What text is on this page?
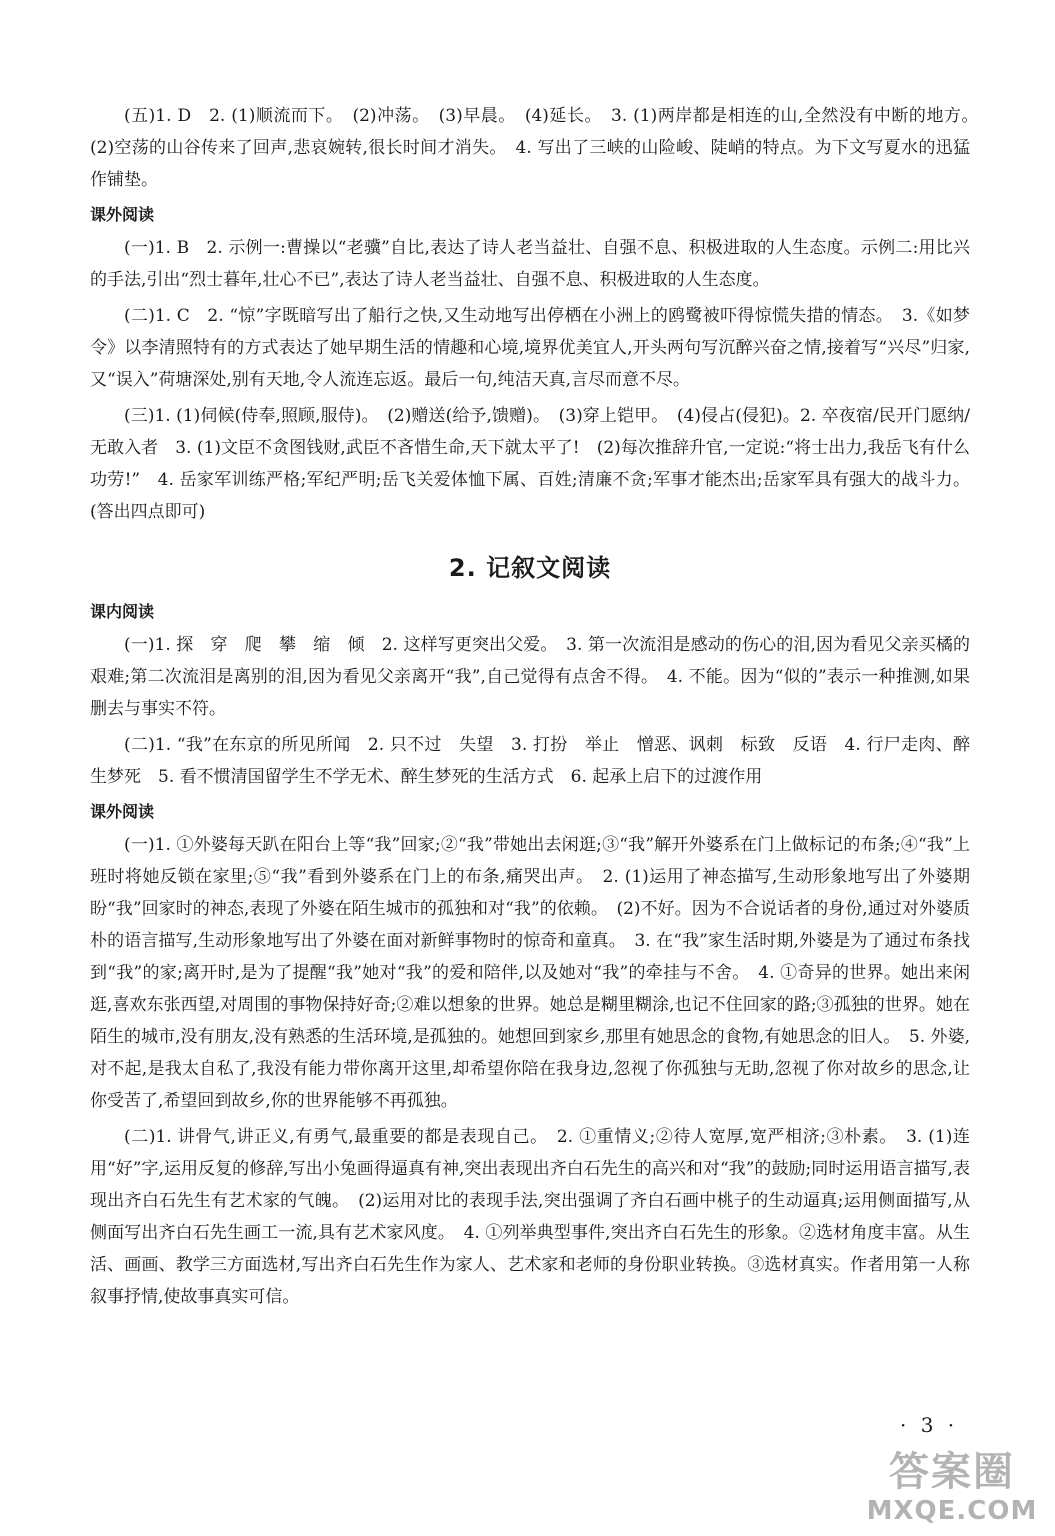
(五)1. D　2. (1)顺流而下。　(2)冲荡。　(3)早晨。　(4)延长。　3. (1)两岸都是相连的山,全然没有中断的地方。　(2)空荡的山谷传来了回声,悲哀婉转,很长时间才消失。　4. 写出了三峡的山险峻、陡峭的特点。为下文写夏水的迅猛作铺垫。

课外阅读

(一)1. B　2. 示例一:曹操以“老骥”自比,表达了诗人老当益壮、自强不息、积极进取的人生态度。示例二:用比兴的手法,引出“烈士暮年,壮心不已”,表达了诗人老当益壮、自强不息、积极进取的人生态度。

(二)1. C　2. “惊”字既暗写出了船行之快,又生动地写出停栖在小洲上的鸥鹭被吓得惊慌失措的情态。　3.《如梦令》以李清照特有的方式表达了她早期生活的情趣和心境,境界优美宜人,开头两句写沉醉兴奋之情,接着写“兴尽”归家,又“误入”荷塘深处,别有天地,令人流连忘返。最后一句,纯洁天真,言尽而意不尽。

(三)1. (1)伺候(侍奉,照顾,服侍)。　(2)赠送(给予,馈赠)。　(3)穿上铠甲。　(4)侵占(侵犯)。2. 卒夜宿/民开门愿纳/无敢入者　3. (1)文臣不贪图钱财,武臣不吝惜生命,天下就太平了!　(2)每次推辞升官,一定说:“将士出力,我岳飞有什么功劳!”　4. 岳家军训练严格;军纪严明;岳飞关爱体恤下属、百姓;清廉不贪;军事才能杰出;岳家军具有强大的战斗力。(答出四点即可)

2. 记叙文阅读
课内阅读

(一)1. 探　穿　爬　攀　缩　倾　2. 这样写更突出父爱。　3. 第一次流泪是感动的伤心的泪,因为看见父亲买橘的艰难;第二次流泪是离别的泪,因为看见父亲离开“我”,自己觉得有点舍不得。　4. 不能。因为“似的”表示一种推测,如果删去与事实不符。

(二)1. “我”在东京的所见所闻　2. 只不过　失望　3. 打扮　举止　憎恶、讽刺　标致　反语　4. 行尸走肉、醉生梦死　5. 看不惯清国留学生不学无术、醉生梦死的生活方式　6. 起承上启下的过渡作用

课外阅读

(一)1. ①外婆每天趴在阳台上等“我”回家;②“我”带她出去闲逛;③“我”解开外婆系在门上做标记的布条;④“我”上班时将她反锁在家里;⑤“我”看到外婆系在门上的布条,痛哭出声。　2. (1)运用了神态描写,生动形象地写出了外婆期盼“我”回家时的神态,表现了外婆在陌生城市的孤独和对“我”的依赖。　(2)不好。因为不合说话者的身份,通过对外婆质朴的语言描写,生动形象地写出了外婆在面对新鲜事物时的惊奇和童真。　3. 在“我”家生活时期,外婆是为了通过布条找到“我”的家;离开时,是为了提醒“我”她对“我”的爱和陪伴,以及她对“我”的牵挂与不舍。　4. ①奇异的世界。她出来闲逛,喜欢东张西望,对周围的事物保持好奇;②难以想象的世界。她总是糊里糊涂,也记不住回家的路;③孤独的世界。她在陌生的城市,没有朋友,没有熟悉的生活环境,是孤独的。她想回到家乡,那里有她思念的食物,有她思念的旧人。　5. 外婆,对不起,是我太自私了,我没有能力带你离开这里,却希望你陪在我身边,忽视了你孤独与无助,忽视了你对故乡的思念,让你受苦了,希望回到故乡,你的世界能够不再孤独。

(二)1. 讲骨气,讲正义,有勇气,最重要的都是表现自己。　2. ①重情义;②待人宽厚,宽严相济;③朴素。　3. (1)连用“好”字,运用反复的修辞,写出小兔画得逼真有神,突出表现出齐白石先生的高兴和对“我”的鼓励;同时运用语言描写,表现出齐白石先生有艺术家的气魄。　(2)运用对比的表现手法,突出强调了齐白石画中桃子的生动逼真;运用侧面描写,从侧面写出齐白石先生画工一流,具有艺术家风度。　4. ①列举典型事件,突出齐白石先生的形象。②选材角度丰富。从生活、画画、教学三方面选材,写出齐白石先生作为家人、艺术家和老师的身份职业转换。③选材真实。作者用第一人称叙事抒情,使故事真实可信。

· 3 ·
答案圈
MXQE.COM
